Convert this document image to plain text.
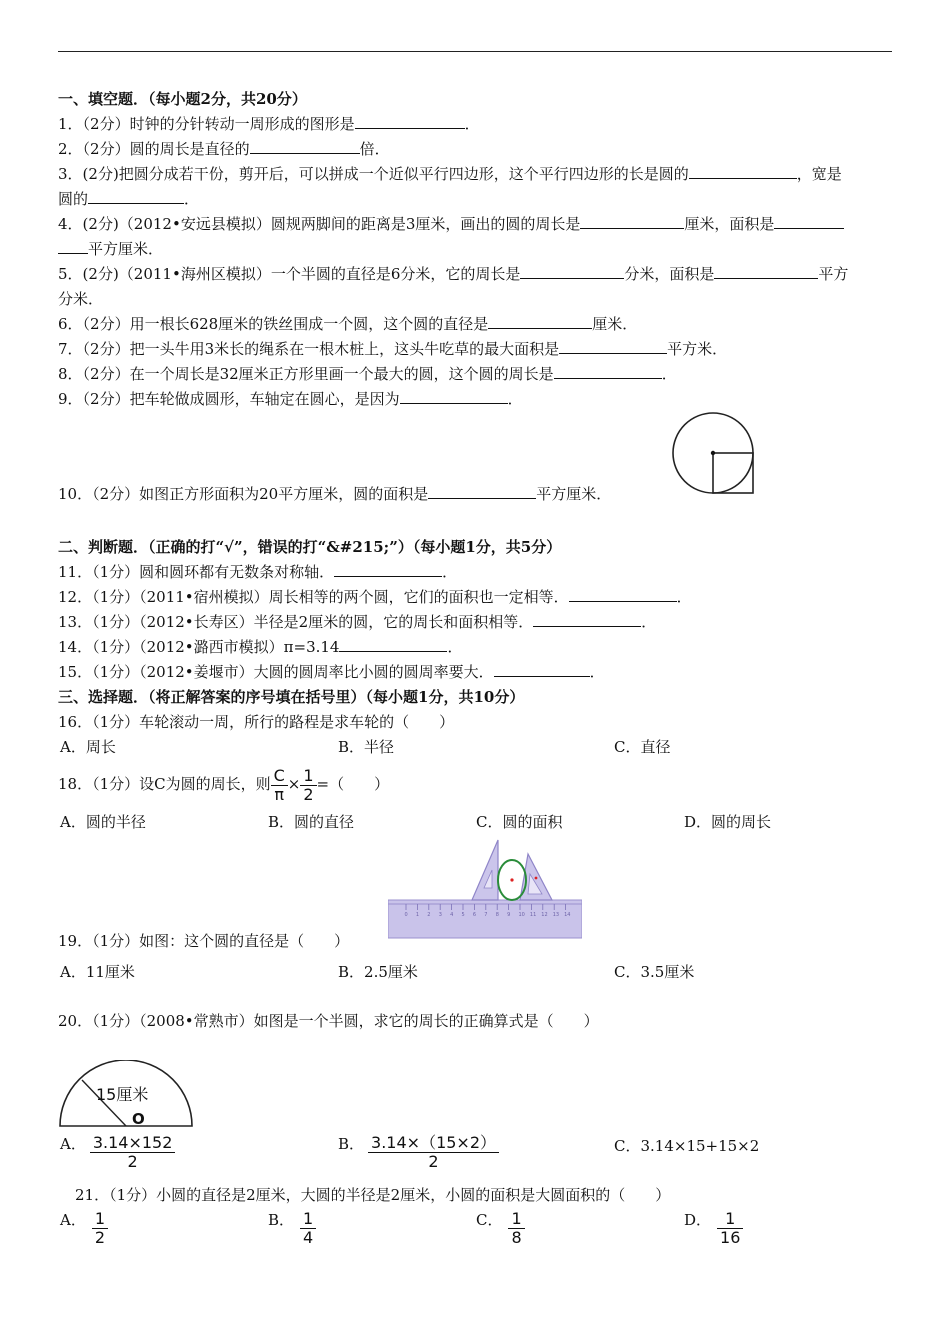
一、填空题．（每小题2分，共20分）
1．（2分）时钟的分针转动一周形成的图形是	．
2．（2分）圆的周长是直径的	倍．
3．(2分)把圆分成若干份，剪开后，可以拼成一个近似平行四边形，这个平行四边形的长是圆的	，宽是
圆的	．
4．(2分)（2012•安远县模拟）圆规两脚间的距离是3厘米，画出的圆的周长是	厘米，面积是
平方厘米．
5．(2分)（2011•海州区模拟）一个半圆的直径是6分米，它的周长是	分米，面积是	平方
分米．
6．（2分）用一根长628厘米的铁丝围成一个圆，这个圆的直径是	厘米．
7．（2分）把一头牛用3米长的绳系在一根木桩上，这头牛吃草的最大面积是	平方米．
8．（2分）在一个周长是32厘米正方形里画一个最大的圆，这个圆的周长是	．
9．（2分）把车轮做成圆形，车轴定在圆心，是因为	．
10．（2分）如图正方形面积为20平方厘米，圆的面积是	平方厘米．
二、判断题．（正确的打“√”，错误的打“&#215;”）（每小题1分，共5分）
11．（1分）圆和圆环都有无数条对称轴．	．
12．（1分）（2011•宿州模拟）周长相等的两个圆，它们的面积也一定相等．	．
13．（1分）（2012•长寿区）半径是2厘米的圆，它的周长和面积相等．	．
14．（1分）（2012•潞西市模拟）π=3.14	．
15．（1分）（2012•姜堰市）大圆的圆周率比小圆的圆周率要大．	．
三、选择题．（将正解答案的序号填在括号里）（每小题1分，共10分）
16．（1分）车轮滚动一周，所行的路程是求车轮的（　　）
A．周长	B．半径	C．直径
18．（1分）设C为圆的周长，则 $\frac{C}{\pi} \times \frac{1}{2}$ =（　　）
A．圆的半径	B．圆的直径	C．圆的面积	D．圆的周长
0 1 2 3 4 5 6 7 8 9 10 11 12 13 14
19．（1分）如图：这个圆的直径是（　　）
A．11厘米	B．2.5厘米	C．3.5厘米
20．（1分）（2008•常熟市）如图是一个半圆，求它的周长的正确算式是（　　）
15厘米
O
A． $\frac{3.14\times 152}{2}$	B． $\frac{3.14\times(15\times 2)}{2}$	C．3.14×15+15×2
21．（1分）小圆的直径是2厘米，大圆的半径是2厘米，小圆的面积是大圆面积的（　　）
A． $\frac{1}{2}$	B． $\frac{1}{4}$	C． $\frac{1}{8}$	D． $\frac{1}{16}$
